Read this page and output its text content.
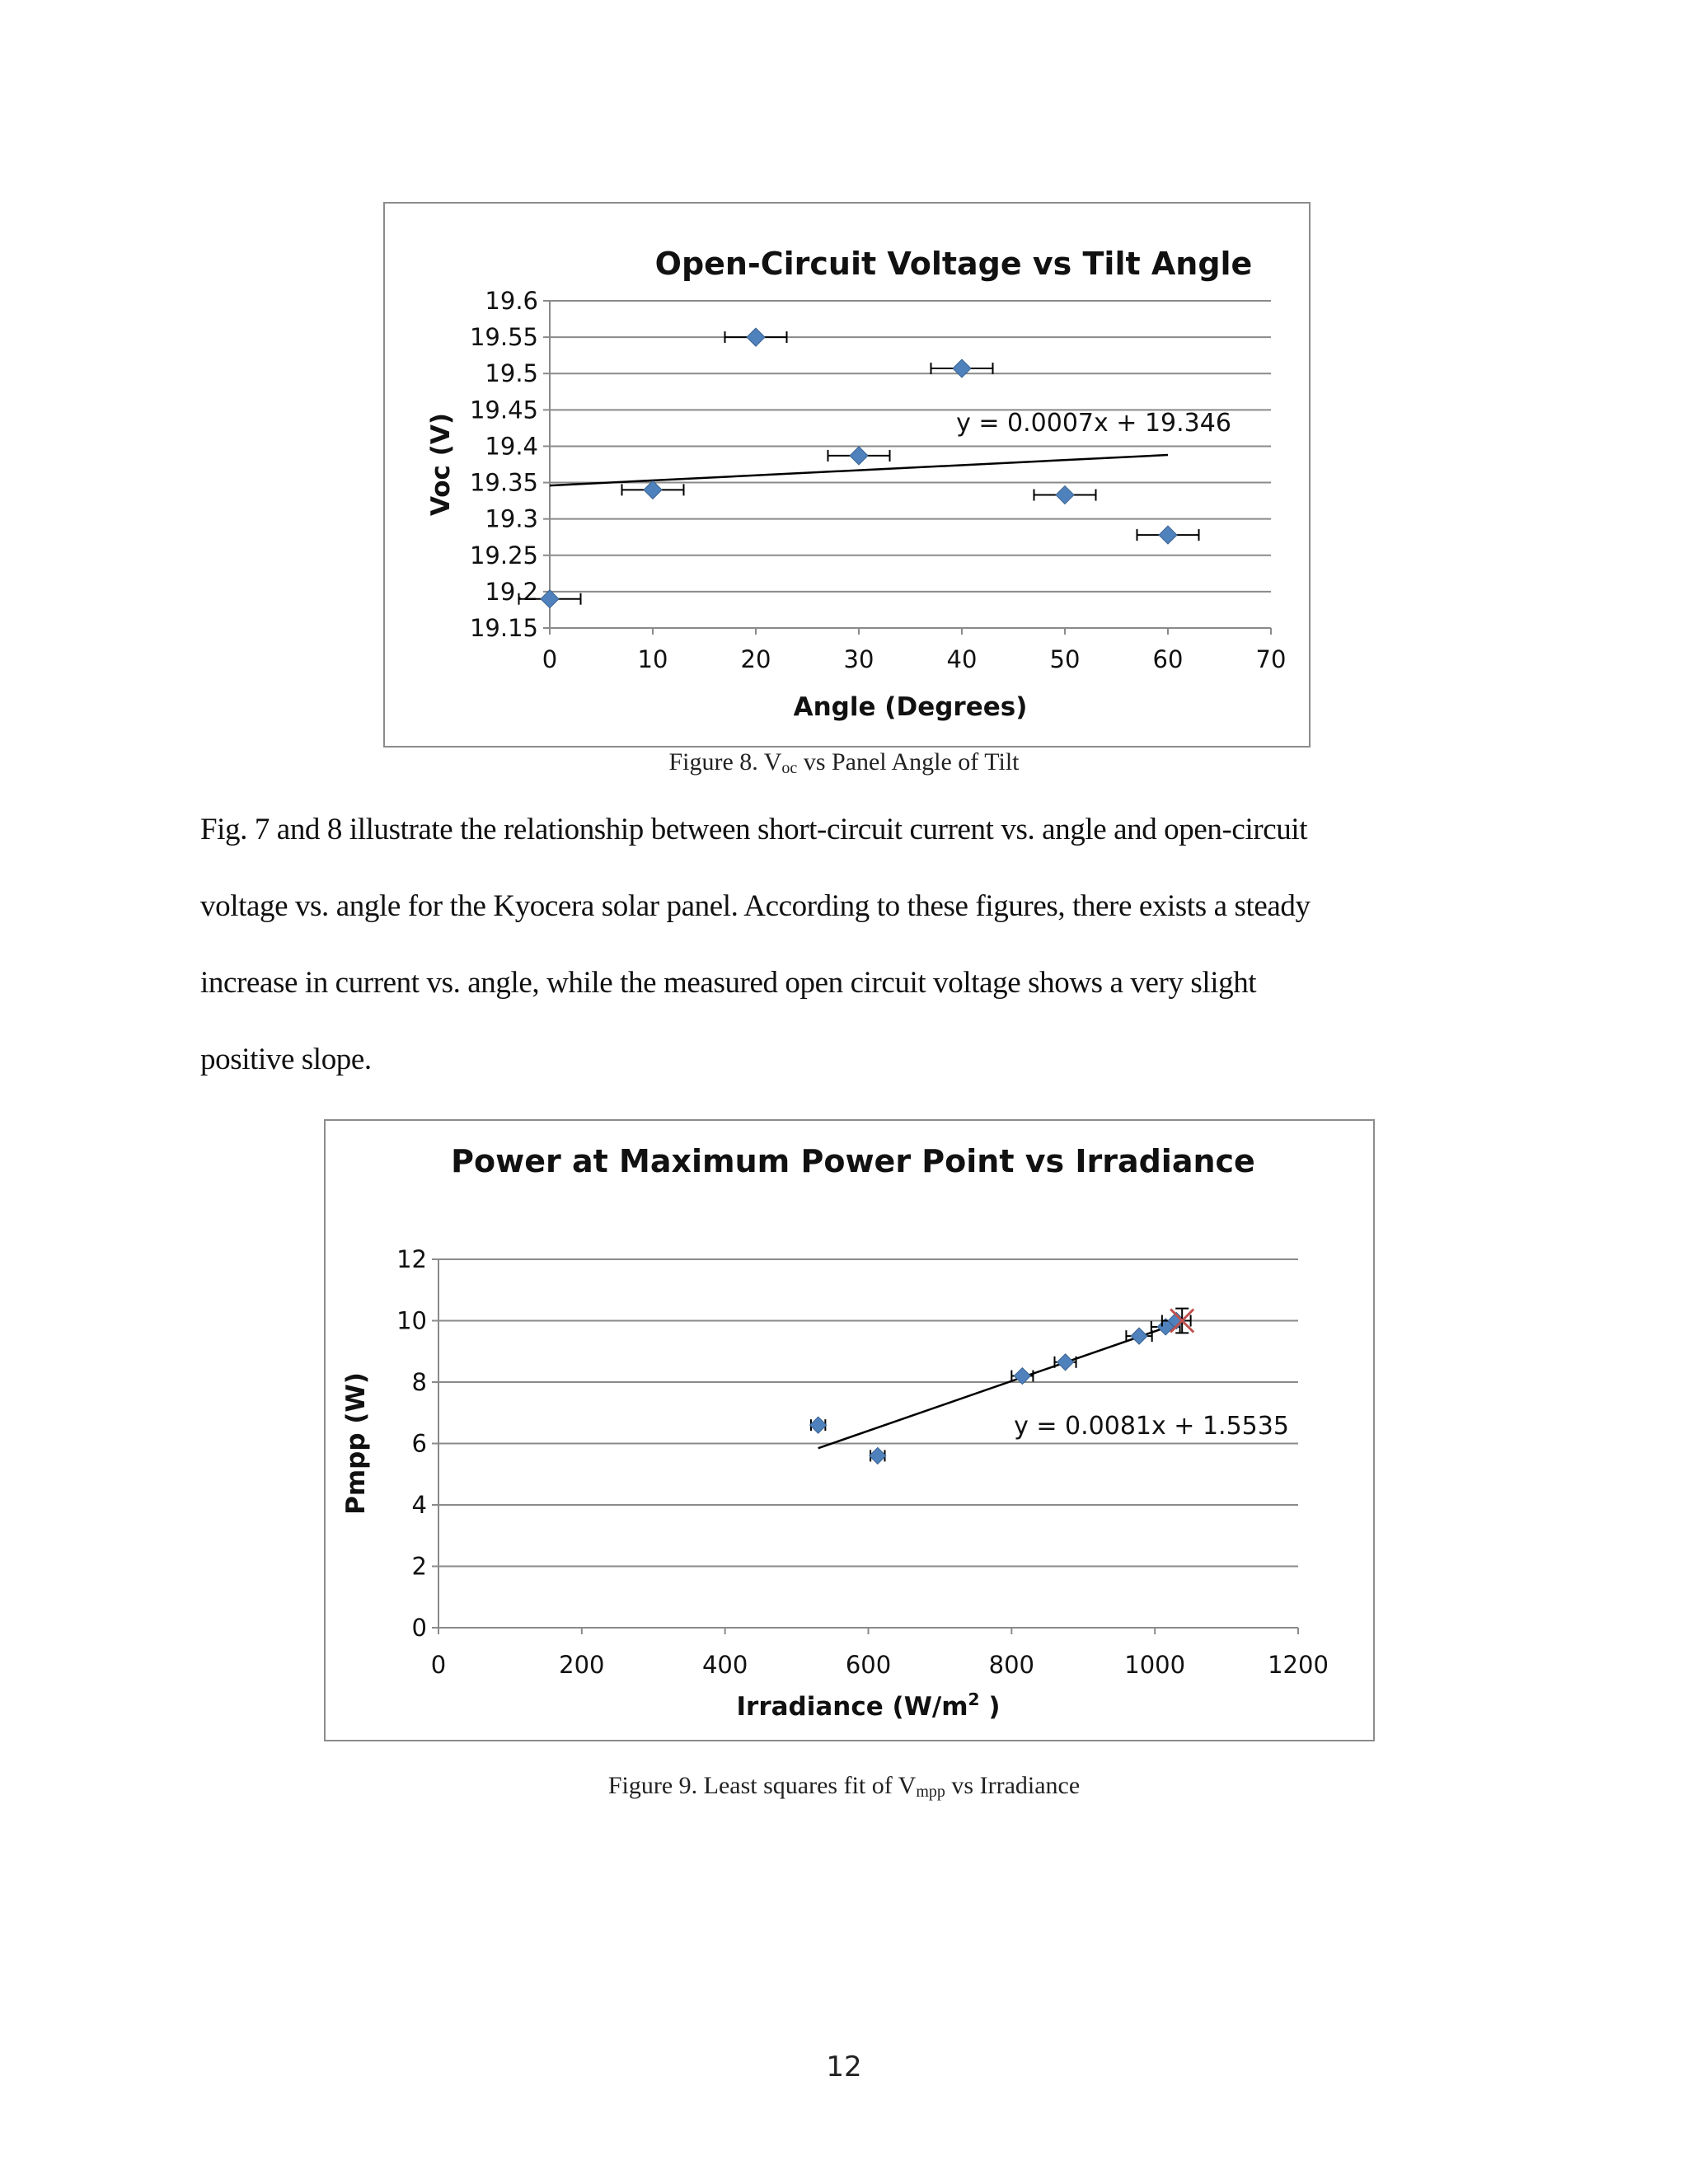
Open-Circuit Voltage vs Tilt Angle
19.15
19.2
19.25
19.3
19.35
19.4
19.45
19.5
19.55
19.6
0	10	20	30	40	50	60	70
Angle (Degrees)
Voc (V)	y = 0.0007x + 19.346
Figure 8. $V_{oc}$ vs Panel Angle of Tilt
Fig. 7 and 8 illustrate the relationship between short-circuit current vs. angle and open-circuit
voltage vs. angle for the Kyocera solar panel. According to these figures, there exists a steady
increase in current vs. angle, while the measured open circuit voltage shows a very slight
positive slope.
Power at Maximum Power Point vs Irradiance
0
2
4
6
8
10
12
0	200	400	600	800	1000	1200
Irradiance ($W/m^2$ )
Pmpp (W)	y = 0.0081x + 1.5535
Figure 9. Least squares fit of $V_{mpp}$ vs Irradiance
12
